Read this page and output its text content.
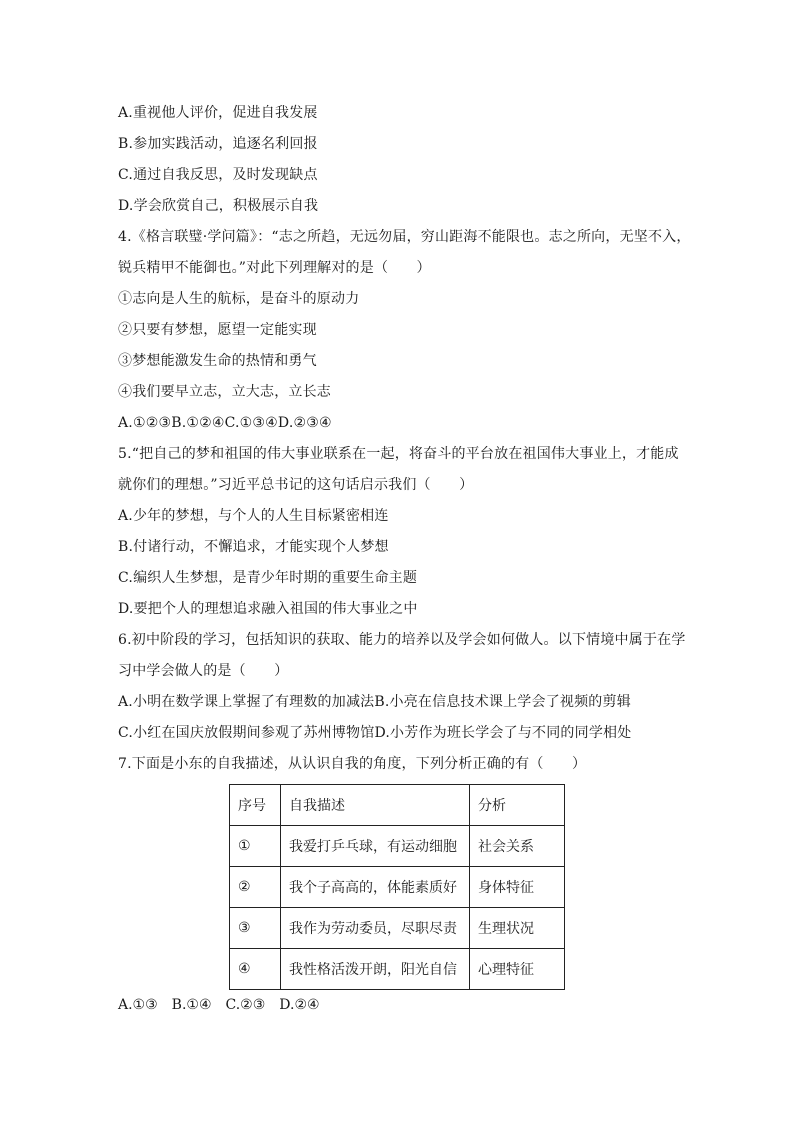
A.重视他人评价，促进自我发展
B.参加实践活动，追逐名利回报
C.通过自我反思，及时发现缺点
D.学会欣赏自己，积极展示自我
4.《格言联璧·学问篇》：“志之所趋，无远勿届，穷山距海不能限也。志之所向，无坚不入，
锐兵精甲不能御也。”对此下列理解对的是（　　）
①志向是人生的航标，是奋斗的原动力
②只要有梦想，愿望一定能实现
③梦想能激发生命的热情和勇气
④我们要早立志，立大志，立长志
A.①②③B.①②④C.①③④D.②③④
5.“把自己的梦和祖国的伟大事业联系在一起，将奋斗的平台放在祖国伟大事业上，才能成
就你们的理想。”习近平总书记的这句话启示我们（　　）
A.少年的梦想，与个人的人生目标紧密相连
B.付诸行动，不懈追求，才能实现个人梦想
C.编织人生梦想，是青少年时期的重要生命主题
D.要把个人的理想追求融入祖国的伟大事业之中
6.初中阶段的学习，包括知识的获取、能力的培养以及学会如何做人。以下情境中属于在学
习中学会做人的是（　　）
A.小明在数学课上掌握了有理数的加减法B.小亮在信息技术课上学会了视频的剪辑
C.小红在国庆放假期间参观了苏州博物馆D.小芳作为班长学会了与不同的同学相处
7.下面是小东的自我描述，从认识自我的角度，下列分析正确的有（　　）
序号	自我描述	分析
①	我爱打乒乓球，有运动细胞	社会关系
②	我个子高高的，体能素质好	身体特征
③	我作为劳动委员，尽职尽责	生理状况
④	我性格活泼开朗，阳光自信	心理特征
A.①③　B.①④　C.②③　D.②④
